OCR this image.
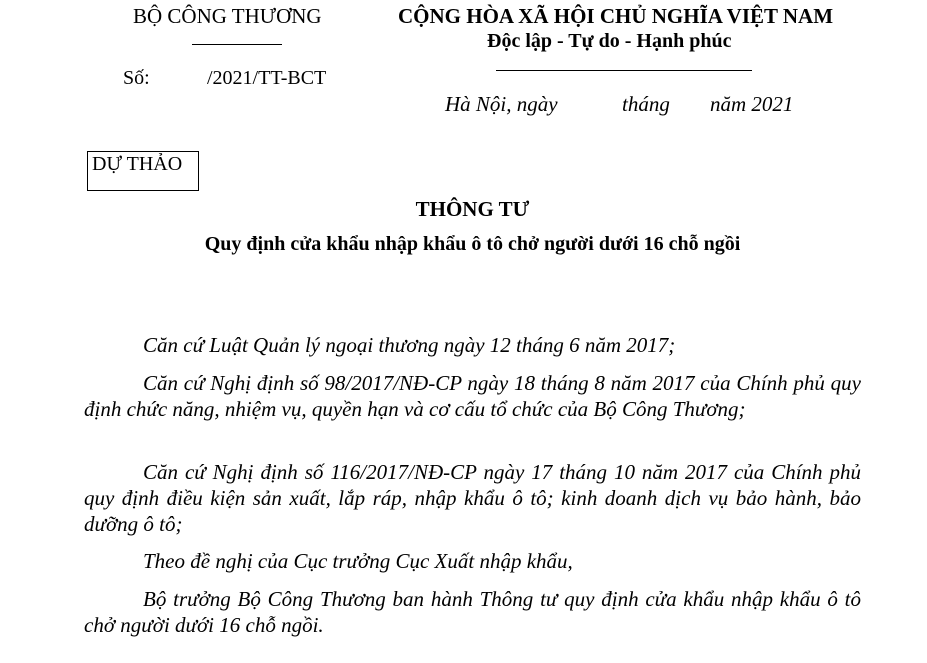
BỘ CÔNG THƯƠNG
Số:	/2021/TT-BCT
CỘNG HÒA XÃ HỘI CHỦ NGHĨA VIỆT NAM
Độc lập - Tự do - Hạnh phúc
Hà Nội, ngày	tháng năm 2021
DỰ THẢO
THÔNG TƯ
Quy định cửa khẩu nhập khẩu ô tô chở người dưới 16 chỗ ngồi
Căn cứ Luật Quản lý ngoại thương ngày 12 tháng 6 năm 2017;
Căn cứ Nghị định số 98/2017/NĐ-CP ngày 18 tháng 8 năm 2017 của Chính phủ quy định chức năng, nhiệm vụ, quyền hạn và cơ cấu tổ chức của Bộ Công Thương;
Căn cứ Nghị định số 116/2017/NĐ-CP ngày 17 tháng 10 năm 2017 của Chính phủ quy định điều kiện sản xuất, lắp ráp, nhập khẩu ô tô; kinh doanh dịch vụ bảo hành, bảo dưỡng ô tô;
Theo đề nghị của Cục trưởng Cục Xuất nhập khẩu,
Bộ trưởng Bộ Công Thương ban hành Thông tư quy định cửa khẩu nhập khẩu ô tô chở người dưới 16 chỗ ngồi.
